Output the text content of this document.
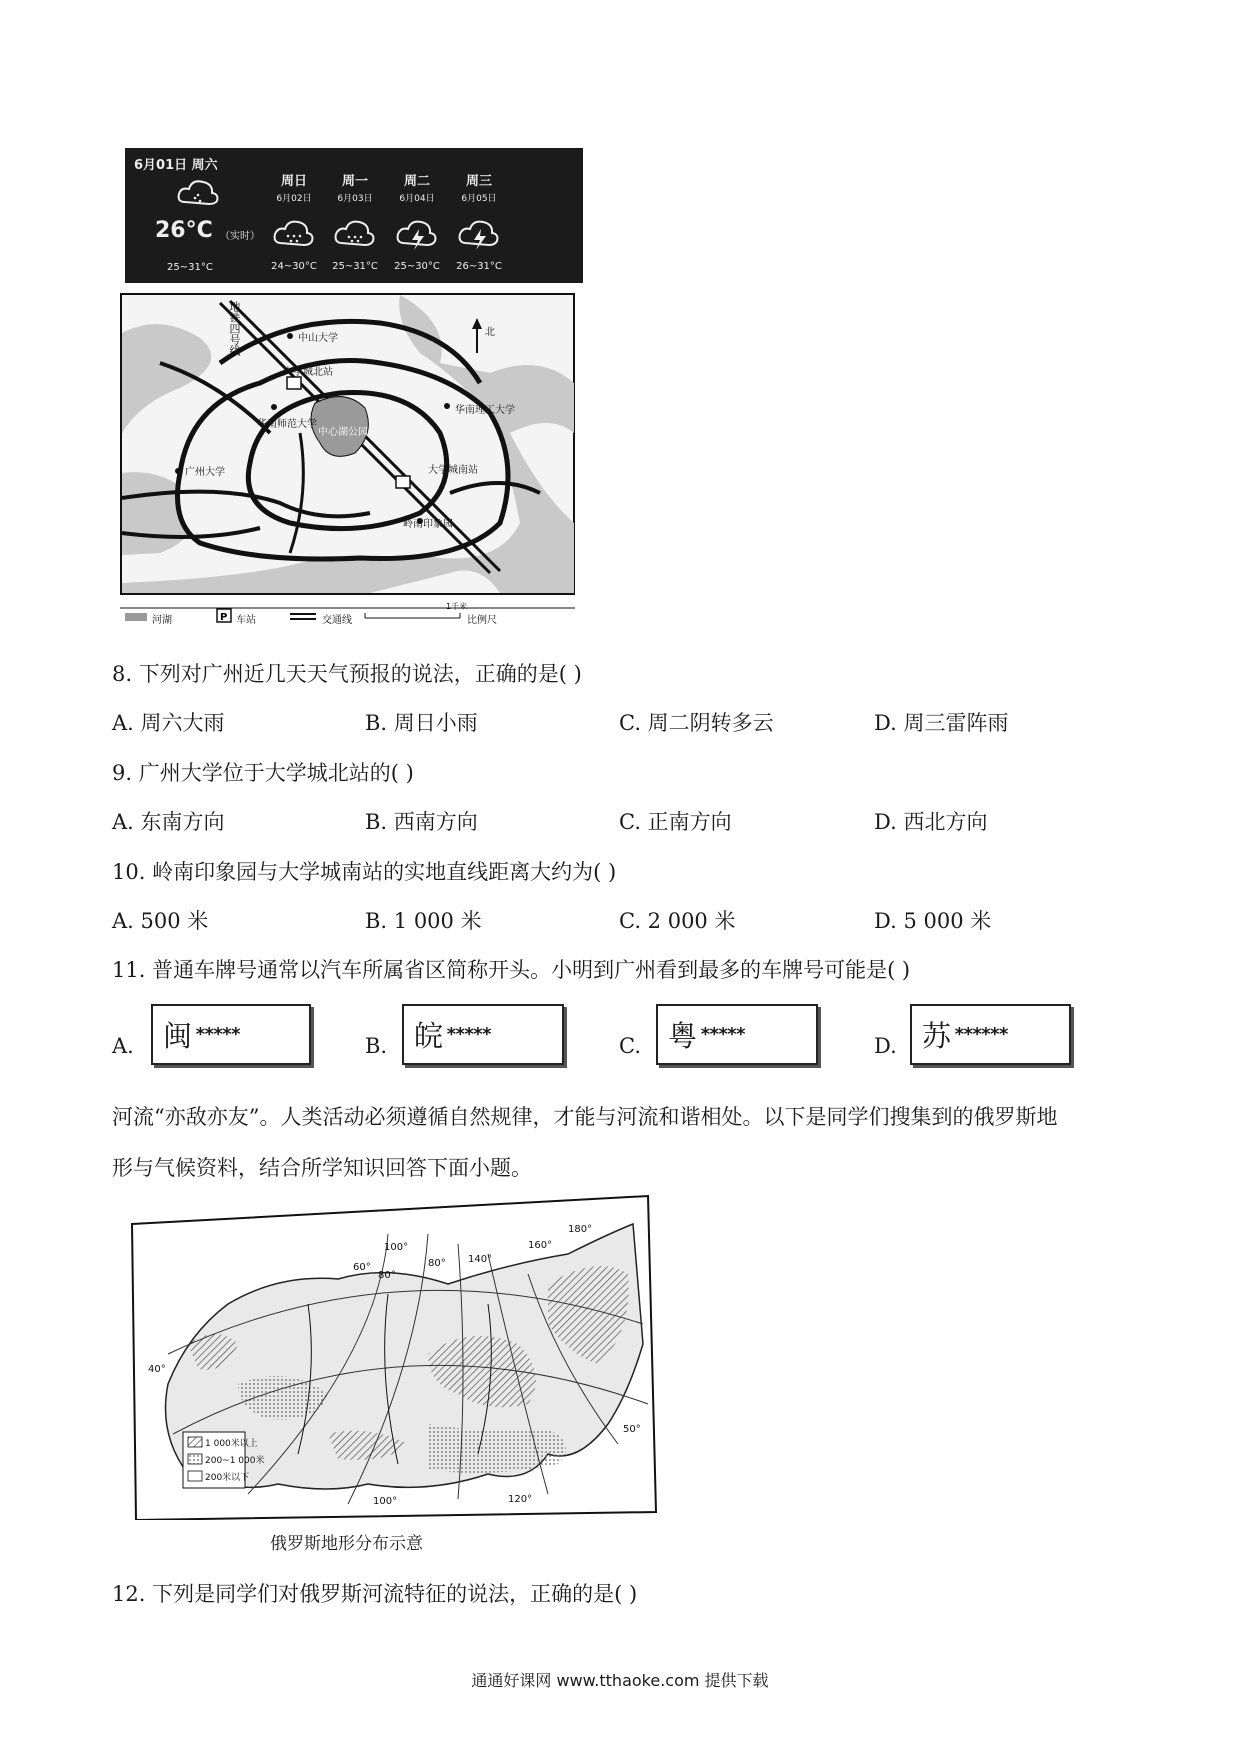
6月01日 周六
26°C （实时）
25~31°C
周日
6月02日
24~30°C
周一
6月03日
25~31°C
周二
6月04日
25~30°C
周三
6月05日
26~31°C
P
地铁四号线	中山大学
大学城北站
华南师范大学
中心湖公园
华南理工大学
大学城南站
广州大学
岭南印象园
北
河湖	车站	交通线
1千米
比例尺
8. 下列对广州近几天天气预报的说法，正确的是( )
A. 周六大雨	B. 周日小雨	C. 周二阴转多云	D. 周三雷阵雨
9. 广州大学位于大学城北站的( )
A. 东南方向	B. 西南方向	C. 正南方向	D. 西北方向
10. 岭南印象园与大学城南站的实地直线距离大约为( )
A. 500 米	B. 1 000 米	C. 2 000 米	D. 5 000 米
11. 普通车牌号通常以汽车所属省区简称开头。小明到广州看到最多的车牌号可能是( )
A. 闽 *****	B. 皖 *****	C. 粤 *****	D. 苏 ******
河流“亦敌亦友”。人类活动必须遵循自然规律，才能与河流和谐相处。以下是同学们搜集到的俄罗斯地
形与气候资料，结合所学知识回答下面小题。
1 000米以上
200~1 000米
200米以下
100°
60°
80°
80° 140°
160°
180°
40°
100°	120°
50°
俄罗斯地形分布示意
12. 下列是同学们对俄罗斯河流特征的说法，正确的是( )
通通好课网 www.tthaoke.com 提供下载
